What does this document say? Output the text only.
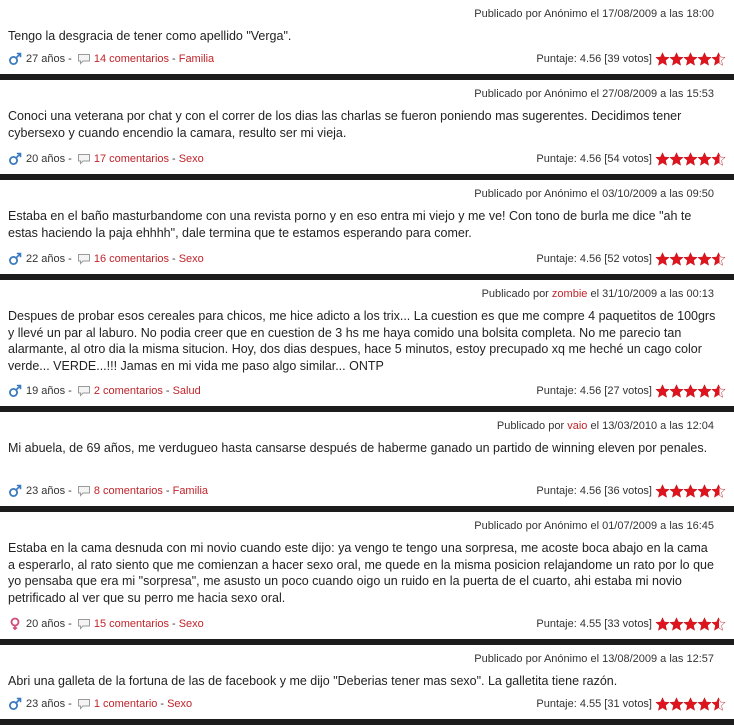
Publicado por Anónimo el 17/08/2009 a las 18:00
Tengo la desgracia de tener como apellido "Verga".
27 años - 14 comentarios - Familia	Puntaje: 4.56 [39 votos]
Publicado por Anónimo el 27/08/2009 a las 15:53
Conoci una veterana por chat y con el correr de los dias las charlas se fueron poniendo mas sugerentes. Decidimos tener cybersexo y cuando encendio la camara, resulto ser mi vieja.
20 años - 17 comentarios - Sexo	Puntaje: 4.56 [54 votos]
Publicado por Anónimo el 03/10/2009 a las 09:50
Estaba en el baño masturbandome con una revista porno y en eso entra mi viejo y me ve! Con tono de burla me dice "ah te estas haciendo la paja ehhhh", dale termina que te estamos esperando para comer.
22 años - 16 comentarios - Sexo	Puntaje: 4.56 [52 votos]
Publicado por zombie el 31/10/2009 a las 00:13
Despues de probar esos cereales para chicos, me hice adicto a los trix... La cuestion es que me compre 4 paquetitos de 100grs y llevé un par al laburo. No podia creer que en cuestion de 3 hs me haya comido una bolsita completa. No me parecio tan alarmante, al otro dia la misma situcion. Hoy, dos dias despues, hace 5 minutos, estoy precupado xq me heché un cago color verde... VERDE...!!! Jamas en mi vida me paso algo similar... ONTP
19 años - 2 comentarios - Salud	Puntaje: 4.56 [27 votos]
Publicado por vaio el 13/03/2010 a las 12:04
Mi abuela, de 69 años, me verdugueo hasta cansarse después de haberme ganado un partido de winning eleven por penales.
23 años - 8 comentarios - Familia	Puntaje: 4.56 [36 votos]
Publicado por Anónimo el 01/07/2009 a las 16:45
Estaba en la cama desnuda con mi novio cuando este dijo: ya vengo te tengo una sorpresa, me acoste boca abajo en la cama a esperarlo, al rato siento que me comienzan a hacer sexo oral, me quede en la misma posicion relajandome un rato por lo que yo pensaba que era mi "sorpresa", me asusto un poco cuando oigo un ruido en la puerta de el cuarto, ahi estaba mi novio petrificado al ver que su perro me hacia sexo oral.
20 años - 15 comentarios - Sexo	Puntaje: 4.55 [33 votos]
Publicado por Anónimo el 13/08/2009 a las 12:57
Abri una galleta de la fortuna de las de facebook y me dijo "Deberias tener mas sexo". La galletita tiene razón.
23 años - 1 comentario - Sexo	Puntaje: 4.55 [31 votos]
